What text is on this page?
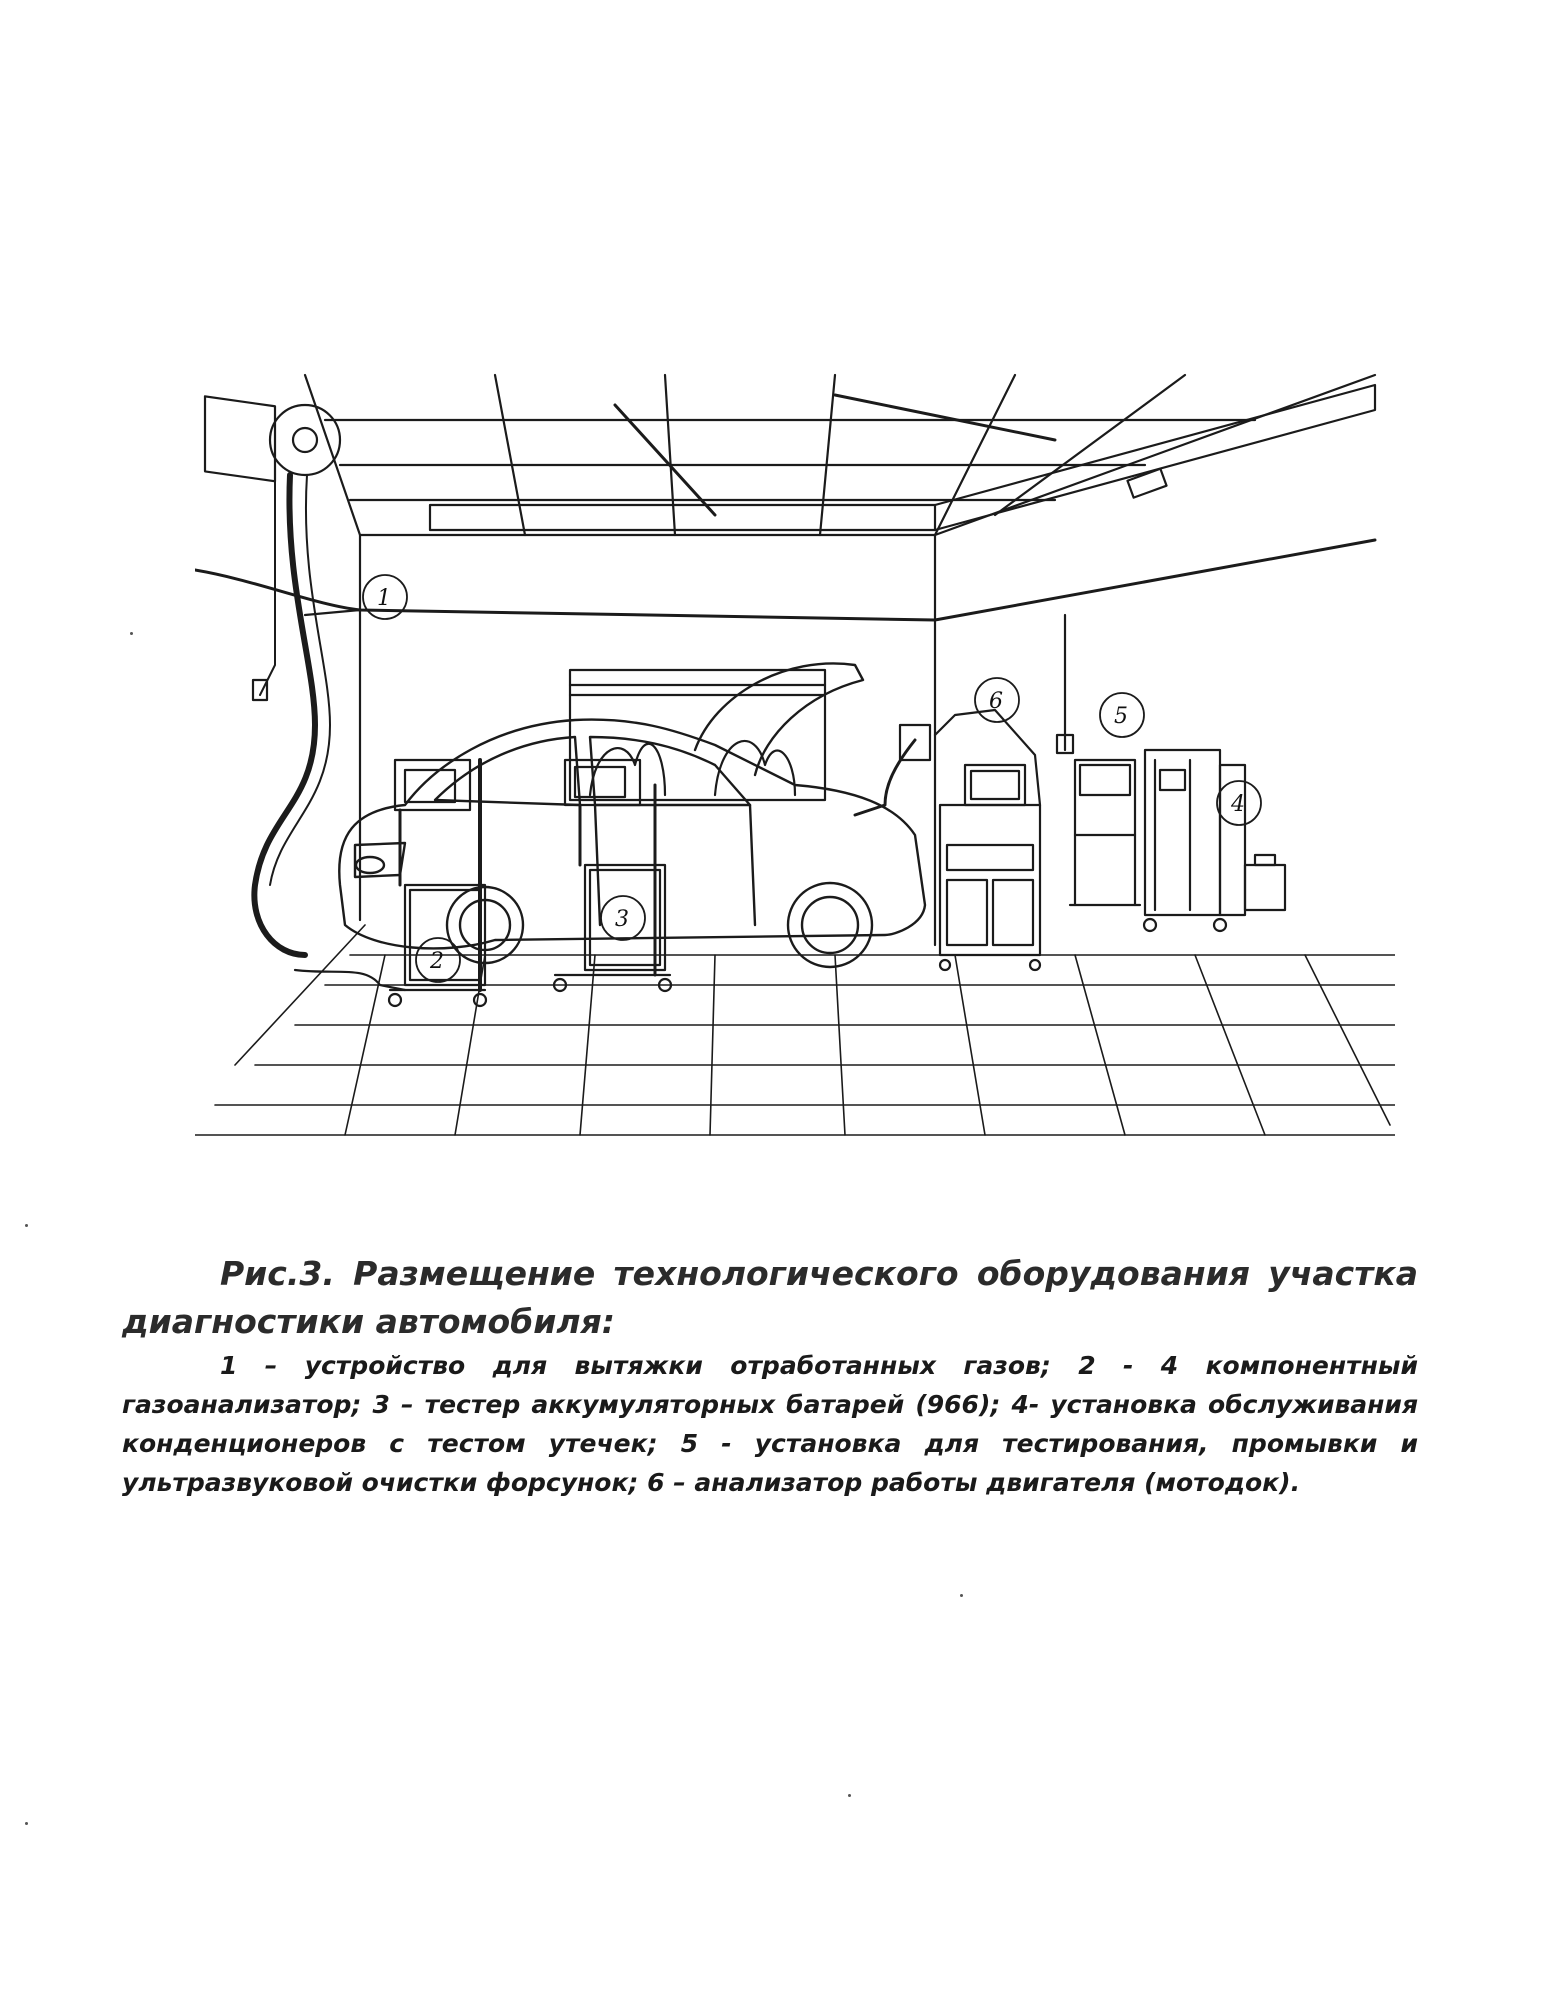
1
2
3
4
5
6

Рис.3. Размещение технологического оборудования участка диагностики автомобиля:

1 – устройство для вытяжки отработанных газов; 2 - 4 компонентный газоанализатор; 3 – тестер аккумуляторных батарей (966); 4- установка обслуживания конденционеров с тестом утечек; 5 - установка для тестирования, промывки и ультразвуковой очистки форсунок; 6 – анализатор работы двигателя (мотодок).
